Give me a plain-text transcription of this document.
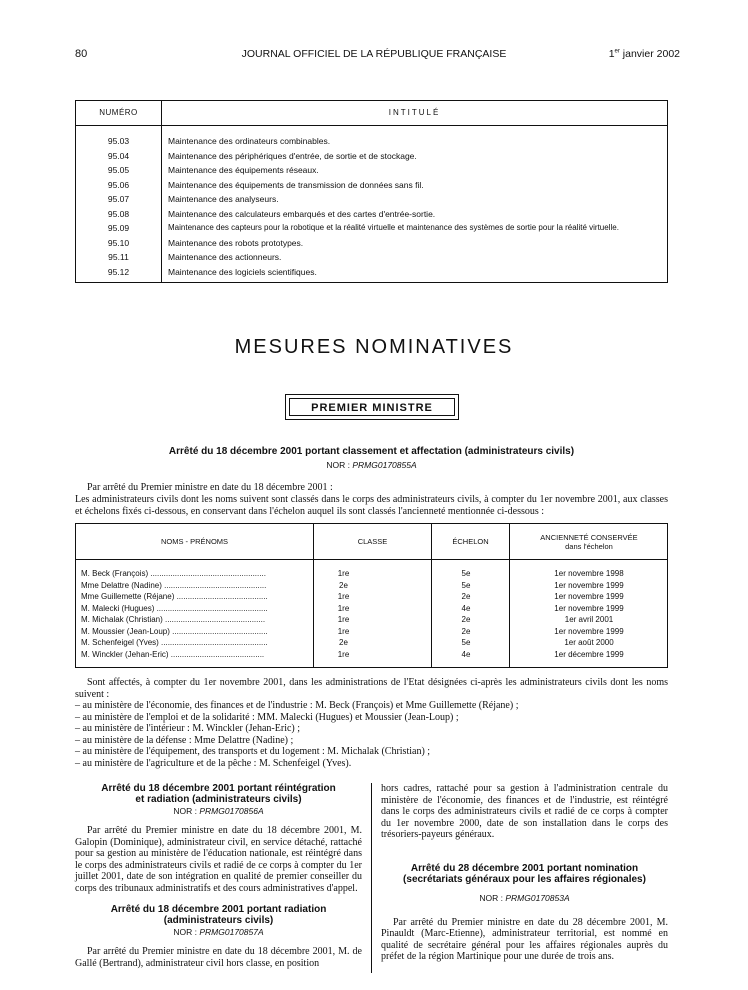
80	JOURNAL OFFICIEL DE LA RÉPUBLIQUE FRANÇAISE	1er janvier 2002
NUMÉRO	INTITULÉ
95.03	Maintenance des ordinateurs combinables.
95.04	Maintenance des périphériques d'entrée, de sortie et de stockage.
95.05	Maintenance des équipements réseaux.
95.06	Maintenance des équipements de transmission de données sans fil.
95.07	Maintenance des analyseurs.
95.08	Maintenance des calculateurs embarqués et des cartes d'entrée-sortie.
95.09	Maintenance des capteurs pour la robotique et la réalité virtuelle et maintenance des systèmes de sortie pour la réalité virtuelle.
95.10	Maintenance des robots prototypes.
95.11	Maintenance des actionneurs.
95.12	Maintenance des logiciels scientifiques.
MESURES NOMINATIVES
PREMIER MINISTRE
Arrêté du 18 décembre 2001 portant classement et affectation (administrateurs civils)
NOR : PRMG0170855A
Par arrêté du Premier ministre en date du 18 décembre 2001 :
Les administrateurs civils dont les noms suivent sont classés dans le corps des administrateurs civils, à compter du 1er novembre 2001, aux classes et échelons fixés ci-dessous, en conservant dans l'échelon auquel ils sont classés l'ancienneté mentionnée ci-dessous :
NOMS - PRÉNOMS	CLASSE	ÉCHELON	ANCIENNETÉ CONSERVÉE
dans l'échelon
M. Beck (François) ....................................................	1re	5e	1er novembre 1998
Mme Delattre (Nadine) ..............................................	2e	5e	1er novembre 1999
Mme Guillemette (Réjane) .........................................	1re	2e	1er novembre 1999
M. Malecki (Hugues) ..................................................	1re	4e	1er novembre 1999
M. Michalak (Christian) .............................................	1re	2e	1er avril 2001
M. Moussier (Jean-Loup) ...........................................	1re	2e	1er novembre 1999
M. Schenfeigel (Yves) ................................................	2e	5e	1er août 2000
M. Winckler (Jehan-Eric) ..........................................	1re	4e	1er décembre 1999
Sont affectés, à compter du 1er novembre 2001, dans les administrations de l'Etat désignées ci-après les administrateurs civils dont les noms suivent :
– au ministère de l'économie, des finances et de l'industrie : M. Beck (François) et Mme Guillemette (Réjane) ;
– au ministère de l'emploi et de la solidarité : MM. Malecki (Hugues) et Moussier (Jean-Loup) ;
– au ministère de l'intérieur : M. Winckler (Jehan-Eric) ;
– au ministère de la défense : Mme Delattre (Nadine) ;
– au ministère de l'équipement, des transports et du logement : M. Michalak (Christian) ;
– au ministère de l'agriculture et de la pêche : M. Schenfeigel (Yves).
Arrêté du 18 décembre 2001 portant réintégration
et radiation (administrateurs civils)
NOR : PRMG0170856A
Par arrêté du Premier ministre en date du 18 décembre 2001, M. Galopin (Dominique), administrateur civil, en service détaché, rattaché pour sa gestion au ministère de l'éducation nationale, est réintégré dans le corps des administrateurs civils et radié de ce corps à compter du 1er juillet 2001, date de son intégration en qualité de premier conseiller du corps des tribunaux administratifs et des cours administratives d'appel.
Arrêté du 18 décembre 2001 portant radiation
(administrateurs civils)
NOR : PRMG0170857A
Par arrêté du Premier ministre en date du 18 décembre 2001, M. de Gallé (Bertrand), administrateur civil hors classe, en position
hors cadres, rattaché pour sa gestion à l'administration centrale du ministère de l'économie, des finances et de l'industrie, est réintégré dans le corps des administrateurs civils et radié de ce corps à compter du 1er novembre 2000, date de son installation dans le corps des trésoriers-payeurs généraux.
Arrêté du 28 décembre 2001 portant nomination
(secrétariats généraux pour les affaires régionales)
NOR : PRMG0170853A
Par arrêté du Premier ministre en date du 28 décembre 2001, M. Pinauldt (Marc-Etienne), administrateur territorial, est nommé en qualité de secrétaire général pour les affaires régionales auprès du préfet de la région Martinique pour une durée de trois ans.
